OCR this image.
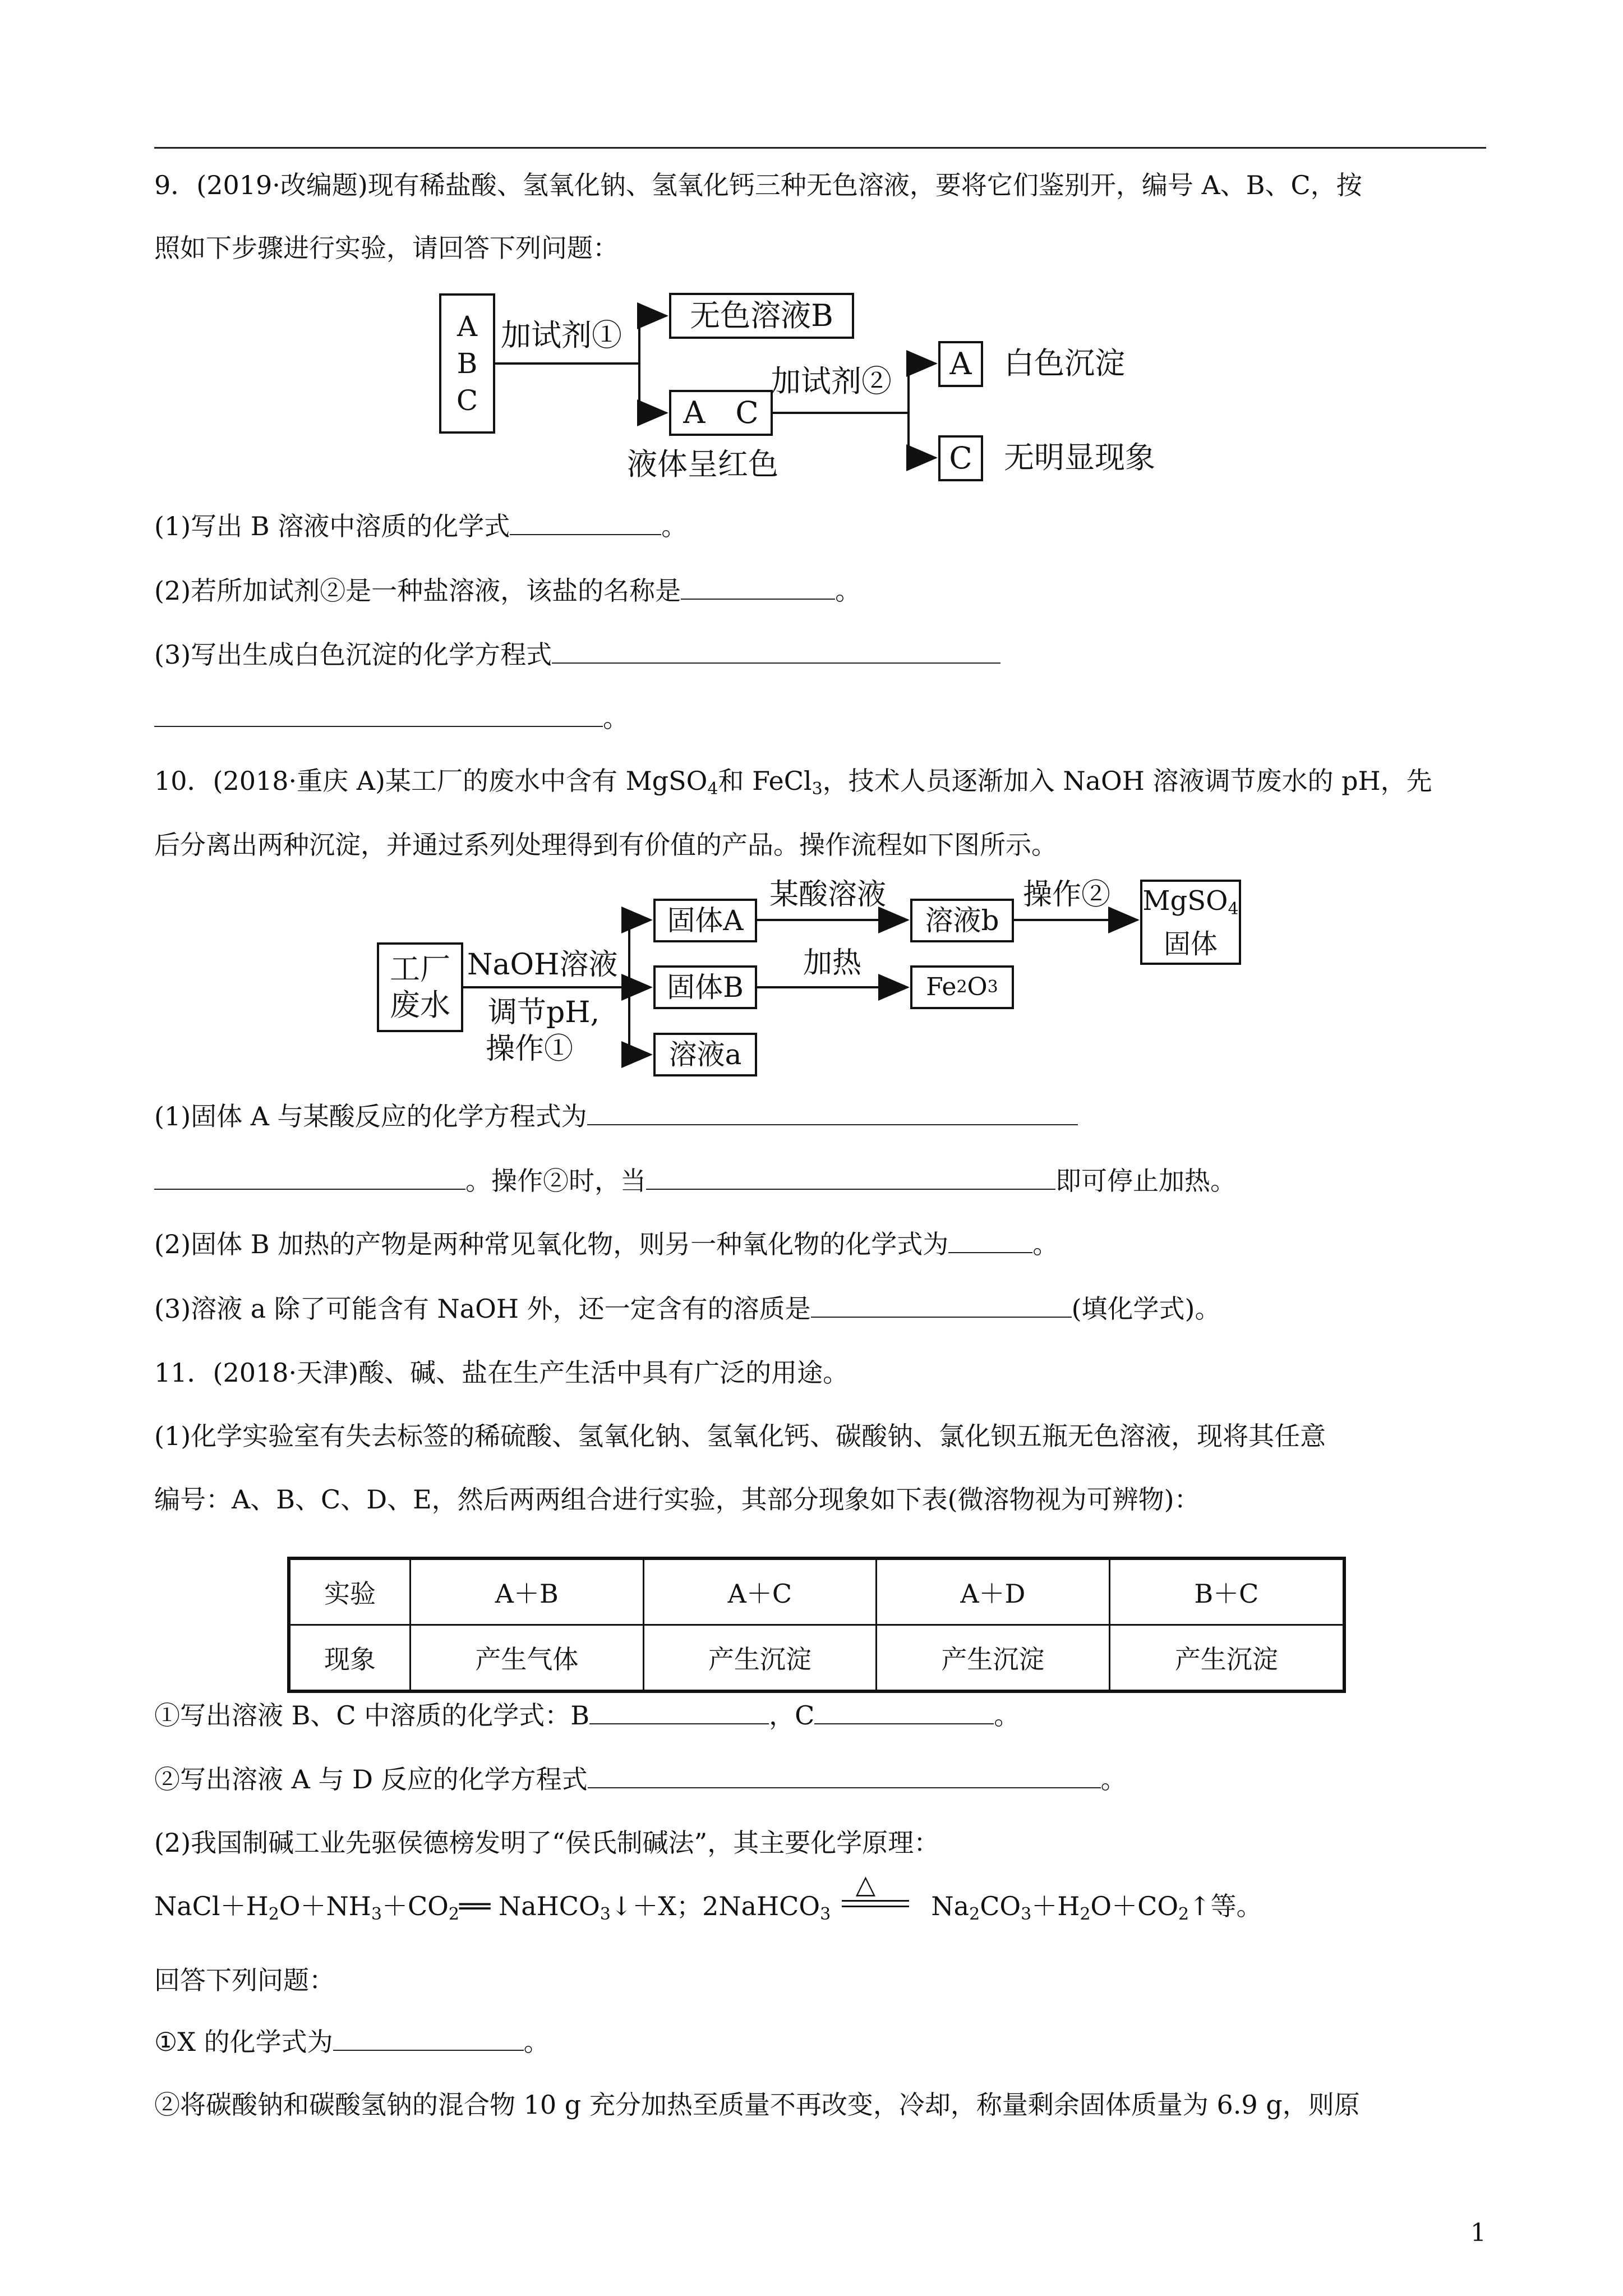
9．(2019·改编题)现有稀盐酸、氢氧化钠、氢氧化钙三种无色溶液，要将它们鉴别开，编号 A、B、C，按
照如下步骤进行实验，请回答下列问题：
A
B
C
加试剂①
无色溶液B
A　C
液体呈红色
加试剂②	A
C
白色沉淀
无明显现象
(1)写出 B 溶液中溶质的化学式	。
(2)若所加试剂②是一种盐溶液，该盐的名称是	。
(3)写出生成白色沉淀的化学方程式
。
10．(2018·重庆 A)某工厂的废水中含有 MgSO$_4$和 FeCl$_3$，技术人员逐渐加入 NaOH 溶液调节废水的 pH，先
后分离出两种沉淀，并通过系列处理得到有价值的产品。操作流程如下图所示。
工厂
废水
NaOH溶液
调节pH,
操作①
固体A
固体B
溶液a
某酸溶液
加热
溶液b
Fe 2 O 3
操作② MgSO$_4$
固体
(1)固体 A 与某酸反应的化学方程式为
。操作②时，当	即可停止加热。
(2)固体 B 加热的产物是两种常见氧化物，则另一种氧化物的化学式为	。
(3)溶液 a 除了可能含有 NaOH 外，还一定含有的溶质是	(填化学式)。
11．(2018·天津)酸、碱、盐在生产生活中具有广泛的用途。
(1)化学实验室有失去标签的稀硫酸、氢氧化钠、氢氧化钙、碳酸钠、氯化钡五瓶无色溶液，现将其任意
编号：A、B、C、D、E，然后两两组合进行实验，其部分现象如下表(微溶物视为可辨物)：
实验	A＋B	A＋C	A＋D	B＋C
现象	产生气体	产生沉淀	产生沉淀	产生沉淀
①写出溶液 B、C 中溶质的化学式：B	，C	。
②写出溶液 A 与 D 反应的化学方程式	。
(2)我国制碱工业先驱侯德榜发明了“侯氏制碱法”，其主要化学原理：
$NaCl+H_2O+NH_3+CO_2══$ NaHCO$_3$↓＋X；2NaHCO$_3$
△
$Na_2CO_3+H_2O+CO_2↑$等。
回答下列问题：
①X 的化学式为	。
②将碳酸钠和碳酸氢钠的混合物 10 g 充分加热至质量不再改变，冷却，称量剩余固体质量为 6.9 g，则原
1
